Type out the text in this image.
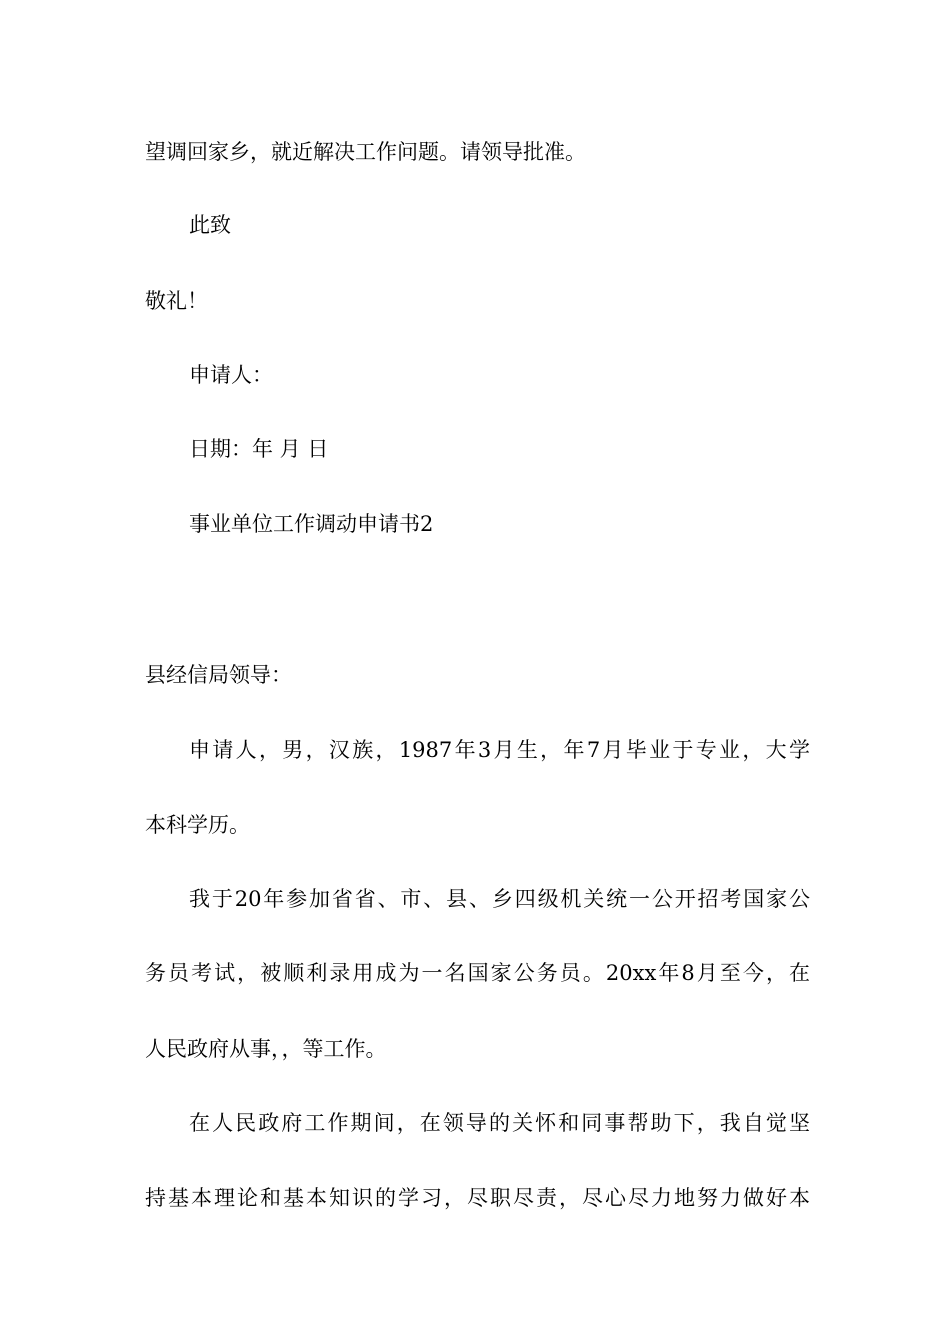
望调回家乡，就近解决工作问题。请领导批准。
此致
敬礼！
申请人：
日期：年 月 日
事业单位工作调动申请书2
县经信局领导：
申请人，男，汉族，1987年3月生，年7月毕业于专业，大学
本科学历。
我于20年参加省省、市、县、乡四级机关统一公开招考国家公
务员考试，被顺利录用成为一名国家公务员。20xx年8月至今，在
人民政府从事，，等工作。
在人民政府工作期间，在领导的关怀和同事帮助下，我自觉坚
持基本理论和基本知识的学习，尽职尽责，尽心尽力地努力做好本
